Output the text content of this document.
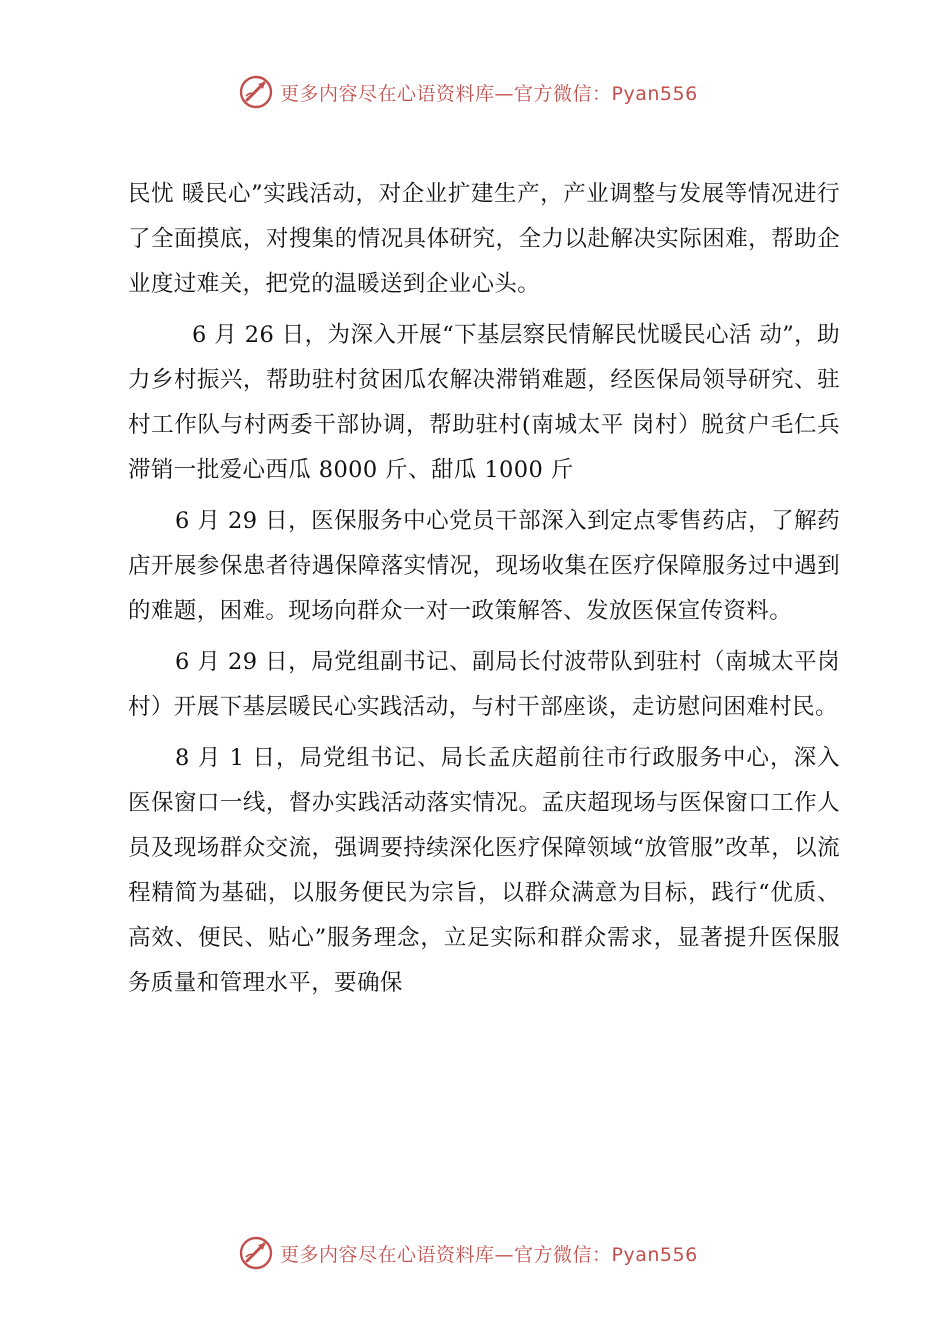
更多内容尽在心语资料库—官方微信：Pyan556

民忧 暖民心”实践活动，对企业扩建生产，产业调整与发展等情况进行了全面摸底，对搜集的情况具体研究，全力以赴解决实际困难，帮助企业度过难关，把党的温暖送到企业心头。

6 月 26 日，为深入开展“下基层察民情解民忧暖民心活 动”，助力乡村振兴，帮助驻村贫困瓜农解决滞销难题，经医保局领导研究、驻村工作队与村两委干部协调，帮助驻村(南城太平 岗村）脱贫户毛仁兵滞销一批爱心西瓜 8000 斤、甜瓜 1000 斤

6 月 29 日，医保服务中心党员干部深入到定点零售药店，了解药店开展参保患者待遇保障落实情况，现场收集在医疗保障服务过中遇到的难题，困难。现场向群众一对一政策解答、发放医保宣传资料。

6 月 29 日，局党组副书记、副局长付波带队到驻村（南城太平岗村）开展下基层暖民心实践活动，与村干部座谈，走访慰问困难村民。

8 月 1 日，局党组书记、局长孟庆超前往市行政服务中心，深入医保窗口一线，督办实践活动落实情况。孟庆超现场与医保窗口工作人员及现场群众交流，强调要持续深化医疗保障领域“放管服”改革，以流程精简为基础，以服务便民为宗旨，以群众满意为目标，践行“优质、高效、便民、贴心”服务理念，立足实际和群众需求，显著提升医保服务质量和管理水平，要确保

更多内容尽在心语资料库—官方微信：Pyan556
